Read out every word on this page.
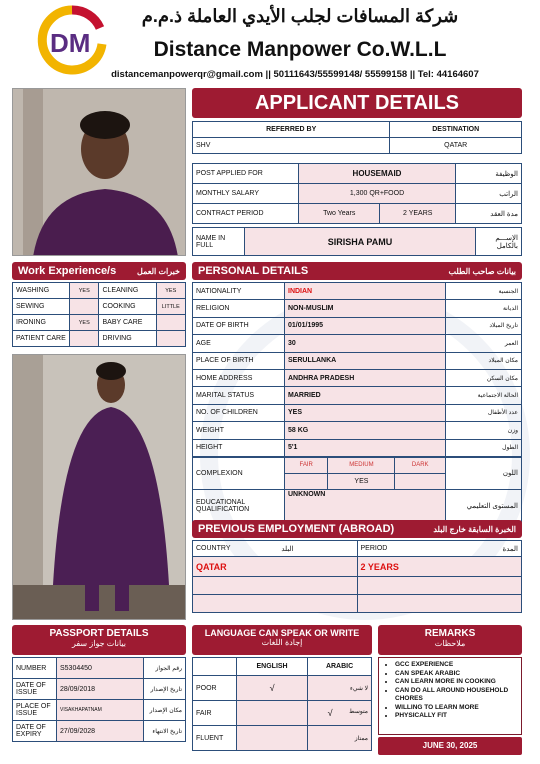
DM
شركة المسافات لجلب الأيدي العاملة ذ.م.م
Distance Manpower Co.W.L.L
distancemanpowerqr@gmail.com || 50111643/55599148/ 55599158 || Tel: 44164607
APPLICANT DETAILS
REFERRED BY	DESTINATION
SHV	QATAR
POST APPLIED FOR	HOUSEMAID		الوظيفة
MONTHLY SALARY	1,300 QR+FOOD		الراتب
CONTRACT PERIOD	Two Years	2 YEARS	مدة العقد
NAME IN FULL	SIRISHA PAMU	الإســـم بالكامل
Work Experience/s	خبرات العمل
WASHING	YES	CLEANING	YES
SEWING		COOKING	LITTLE
IRONING	YES	BABY CARE	
PATIENT CARE		DRIVING	
PERSONAL DETAILS	بيانات صاحب الطلب
NATIONALITY	INDIAN	الجنسية
RELIGION	NON-MUSLIM	الديانة
DATE OF BIRTH	01/01/1995	تاريخ الميلاد
AGE	30	العمر
PLACE OF BIRTH	SERULLANKA	مكان الميلاد
HOME ADDRESS	ANDHRA PRADESH	مكان السكن
MARITAL STATUS	MARRIED	الحالة الاجتماعية
NO. OF CHILDREN	YES	عدد الأطفال
WEIGHT	58 KG	وزن
HEIGHT	5'1	الطول
COMPLEXION	FAIR	MEDIUM	DARK	اللون
		YES		
EDUCATIONAL QUALIFICATION	UNKNOWN			المستوى التعليمي
PREVIOUS EMPLOYMENT (ABROAD)	الخبرة السابقة خارج البلد
COUNTRY البلد	PERIOD المدة

QATAR	2 YEARS

PASSPORT DETAILS
بيانات جواز سفر
NUMBER	S5304450	رقم الجواز
DATE OF ISSUE	28/09/2018	تاريخ الإصدار
PLACE OF ISSUE	VISAKHAPATNAM	مكان الإصدار
DATE OF EXPIRY	27/09/2028	تاريخ الانتهاء
LANGUAGE CAN SPEAK OR WRITE
إجادة اللغات
	ENGLISH	ARABIC
POOR	√	لا شيء

FAIR		√ متوسط

FLUENT		ممتاز
REMARKS
ملاحظات
• GCC EXPERIENCE
• CAN SPEAK ARABIC
• CAN LEARN MORE IN COOKING
• CAN DO ALL AROUND HOUSEHOLD CHORES
• WILLING TO LEARN MORE
• PHYSICALLY FIT
JUNE 30, 2025
